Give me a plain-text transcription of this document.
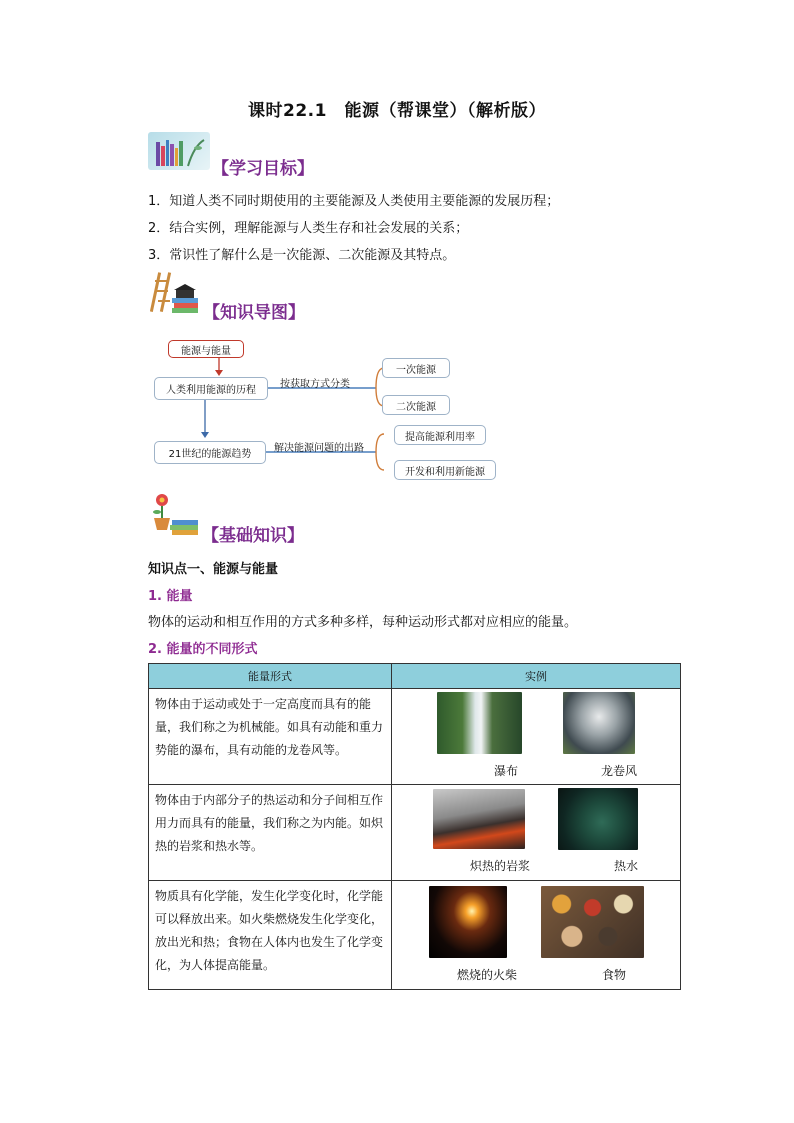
课时22.1　能源（帮课堂）（解析版）
【学习目标】
1．知道人类不同时期使用的主要能源及人类使用主要能源的发展历程；
2．结合实例，理解能源与人类生存和社会发展的关系；
3．常识性了解什么是一次能源、二次能源及其特点。
【知识导图】
能源与能量
人类利用能源的历程
按获取方式分类
一次能源
二次能源
21世纪的能源趋势
解决能源问题的出路
提高能源利用率
开发和利用新能源
【基础知识】
知识点一、能源与能量
1. 能量
物体的运动和相互作用的方式多种多样，每种运动形式都对应相应的能量。
2. 能量的不同形式
能量形式	实例
物体由于运动或处于一定高度而具有的能量，我们称之为机械能。如具有动能和重力势能的瀑布，具有动能的龙卷风等。	瀑布 龙卷风

物体由于内部分子的热运动和分子间相互作用力而具有的能量，我们称之为内能。如炽热的岩浆和热水等。	炽热的岩浆 热水

物质具有化学能，发生化学变化时，化学能可以释放出来。如火柴燃烧发生化学变化，放出光和热；食物在人体内也发生了化学变化，为人体提高能量。	燃烧的火柴 食物
